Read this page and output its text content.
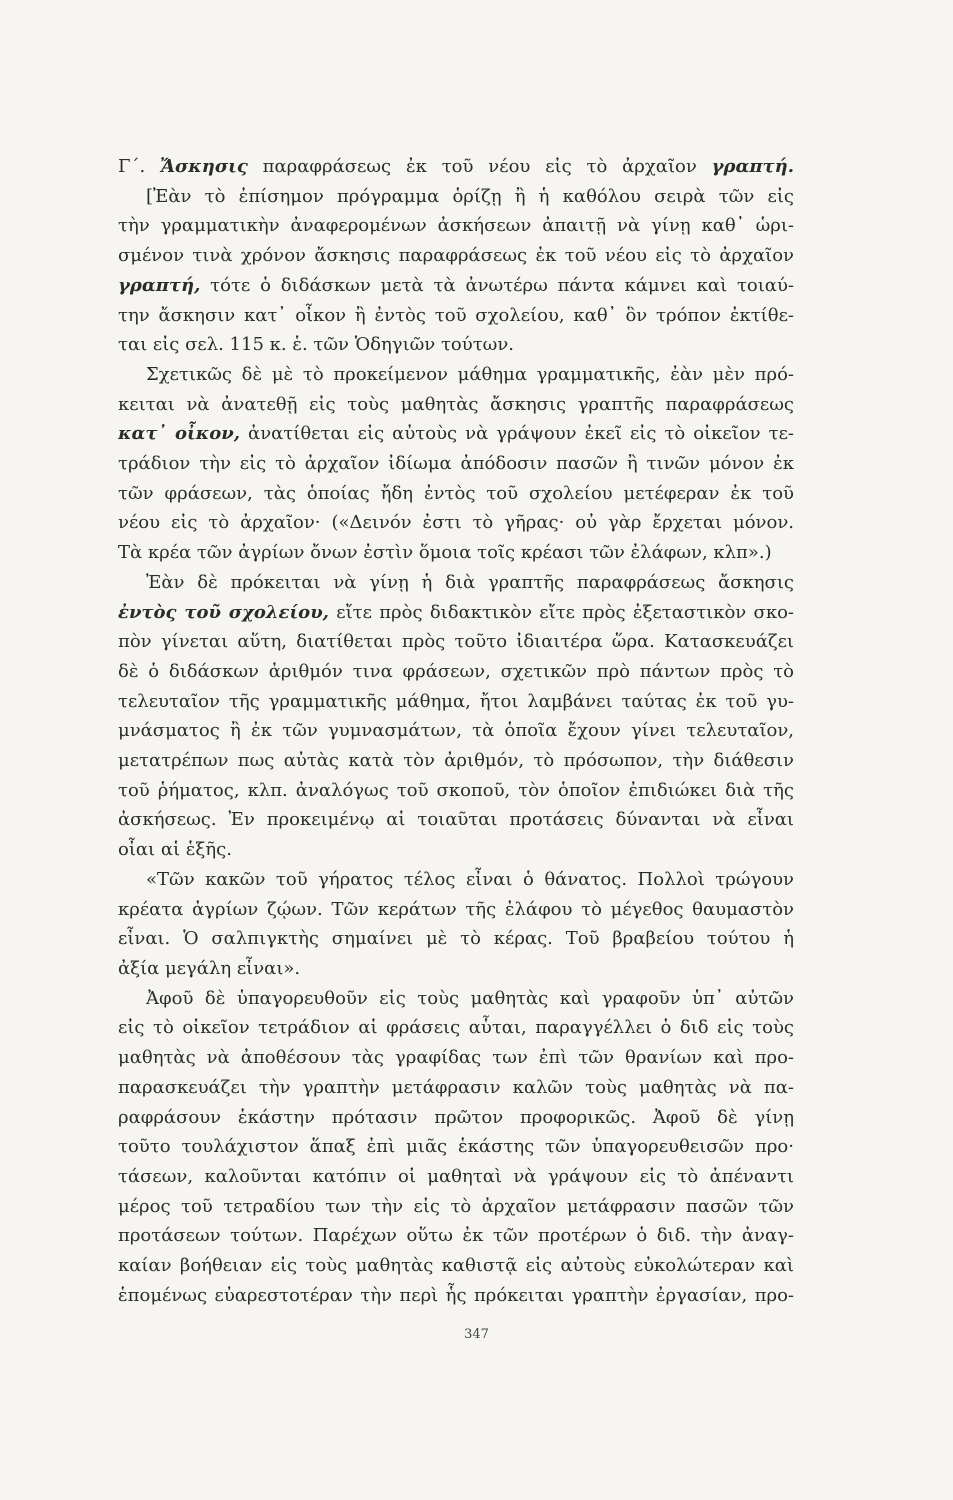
Γ΄. Ἄσκησις παραφράσεως ἐκ τοῦ νέου εἰς τὸ ἀρχαῖον γραπτή.
[Ἐὰν τὸ ἐπίσημον πρόγραμμα ὁρίζῃ ἢ ἡ καθόλου σειρὰ τῶν εἰς
τὴν γραμματικὴν ἀναφερομένων ἀσκήσεων ἀπαιτῇ νὰ γίνῃ καθ᾽ ὡρι-
σμένον τινὰ χρόνον ἄσκησις παραφράσεως ἐκ τοῦ νέου εἰς τὸ ἀρχαῖον
γραπτή, τότε ὁ διδάσκων μετὰ τὰ ἀνωτέρω πάντα κάμνει καὶ τοιαύ-
την ἄσκησιν κατ᾽ οἶκον ἢ ἐντὸς τοῦ σχολείου, καθ᾽ ὃν τρόπον ἐκτίθε-
ται εἰς σελ. 115 κ. ἑ. τῶν Ὁδηγιῶν τούτων.
Σχετικῶς δὲ μὲ τὸ προκείμενον μάθημα γραμματικῆς, ἐὰν μὲν πρό-
κειται νὰ ἀνατεθῇ εἰς τοὺς μαθητὰς ἄσκησις γραπτῆς παραφράσεως
κατ᾽ οἶκον, ἀνατίθεται εἰς αὐτοὺς νὰ γράψουν ἐκεῖ εἰς τὸ οἰκεῖον τε-
τράδιον τὴν εἰς τὸ ἀρχαῖον ἰδίωμα ἀπόδοσιν πασῶν ἢ τινῶν μόνον ἐκ
τῶν φράσεων, τὰς ὁποίας ἤδη ἐντὸς τοῦ σχολείου μετέφεραν ἐκ τοῦ
νέου εἰς τὸ ἀρχαῖον· («Δεινόν ἐστι τὸ γῆρας· οὐ γὰρ ἔρχεται μόνον.
Τὰ κρέα τῶν ἀγρίων ὄνων ἐστὶν ὅμοια τοῖς κρέασι τῶν ἐλάφων, κλπ».)
Ἐὰν δὲ πρόκειται νὰ γίνῃ ἡ διὰ γραπτῆς παραφράσεως ἄσκησις
ἐντὸς τοῦ σχολείου, εἴτε πρὸς διδακτικὸν εἴτε πρὸς ἐξεταστικὸν σκο-
πὸν γίνεται αὕτη, διατίθεται πρὸς τοῦτο ἰδιαιτέρα ὥρα. Κατασκευάζει
δὲ ὁ διδάσκων ἀριθμόν τινα φράσεων, σχετικῶν πρὸ πάντων πρὸς τὸ
τελευταῖον τῆς γραμματικῆς μάθημα, ἤτοι λαμβάνει ταύτας ἐκ τοῦ γυ-
μνάσματος ἢ ἐκ τῶν γυμνασμάτων, τὰ ὁποῖα ἔχουν γίνει τελευταῖον,
μετατρέπων πως αὐτὰς κατὰ τὸν ἀριθμόν, τὸ πρόσωπον, τὴν διάθεσιν
τοῦ ῥήματος, κλπ. ἀναλόγως τοῦ σκοποῦ, τὸν ὁποῖον ἐπιδιώκει διὰ τῆς
ἀσκήσεως. Ἐν προκειμένῳ αἱ τοιαῦται προτάσεις δύνανται νὰ εἶναι
οἷαι αἱ ἑξῆς.
«Τῶν κακῶν τοῦ γήρατος τέλος εἶναι ὁ θάνατος. Πολλοὶ τρώγουν
κρέατα ἀγρίων ζῴων. Τῶν κεράτων τῆς ἐλάφου τὸ μέγεθος θαυμαστὸν
εἶναι. Ὁ σαλπιγκτὴς σημαίνει μὲ τὸ κέρας. Τοῦ βραβείου τούτου ἡ
ἀξία μεγάλη εἶναι».
Ἀφοῦ δὲ ὑπαγορευθοῦν εἰς τοὺς μαθητὰς καὶ γραφοῦν ὑπ᾽ αὐτῶν
εἰς τὸ οἰκεῖον τετράδιον αἱ φράσεις αὗται, παραγγέλλει ὁ διδ εἰς τοὺς
μαθητὰς νὰ ἀποθέσουν τὰς γραφίδας των ἐπὶ τῶν θρανίων καὶ προ-
παρασκευάζει τὴν γραπτὴν μετάφρασιν καλῶν τοὺς μαθητὰς νὰ πα-
ραφράσουν ἑκάστην πρότασιν πρῶτον προφορικῶς. Ἀφοῦ δὲ γίνῃ
τοῦτο τουλάχιστον ἅπαξ ἐπὶ μιᾶς ἑκάστης τῶν ὑπαγορευθεισῶν προ·
τάσεων, καλοῦνται κατόπιν οἱ μαθηταὶ νὰ γράψουν εἰς τὸ ἀπέναντι
μέρος τοῦ τετραδίου των τὴν εἰς τὸ ἀρχαῖον μετάφρασιν πασῶν τῶν
προτάσεων τούτων. Παρέχων οὕτω ἐκ τῶν προτέρων ὁ διδ. τὴν ἀναγ-
καίαν βοήθειαν εἰς τοὺς μαθητὰς καθιστᾷ εἰς αὐτοὺς εὐκολώτεραν καὶ
ἑπομένως εὐαρεστοτέραν τὴν περὶ ἧς πρόκειται γραπτὴν ἐργασίαν, προ-
347
